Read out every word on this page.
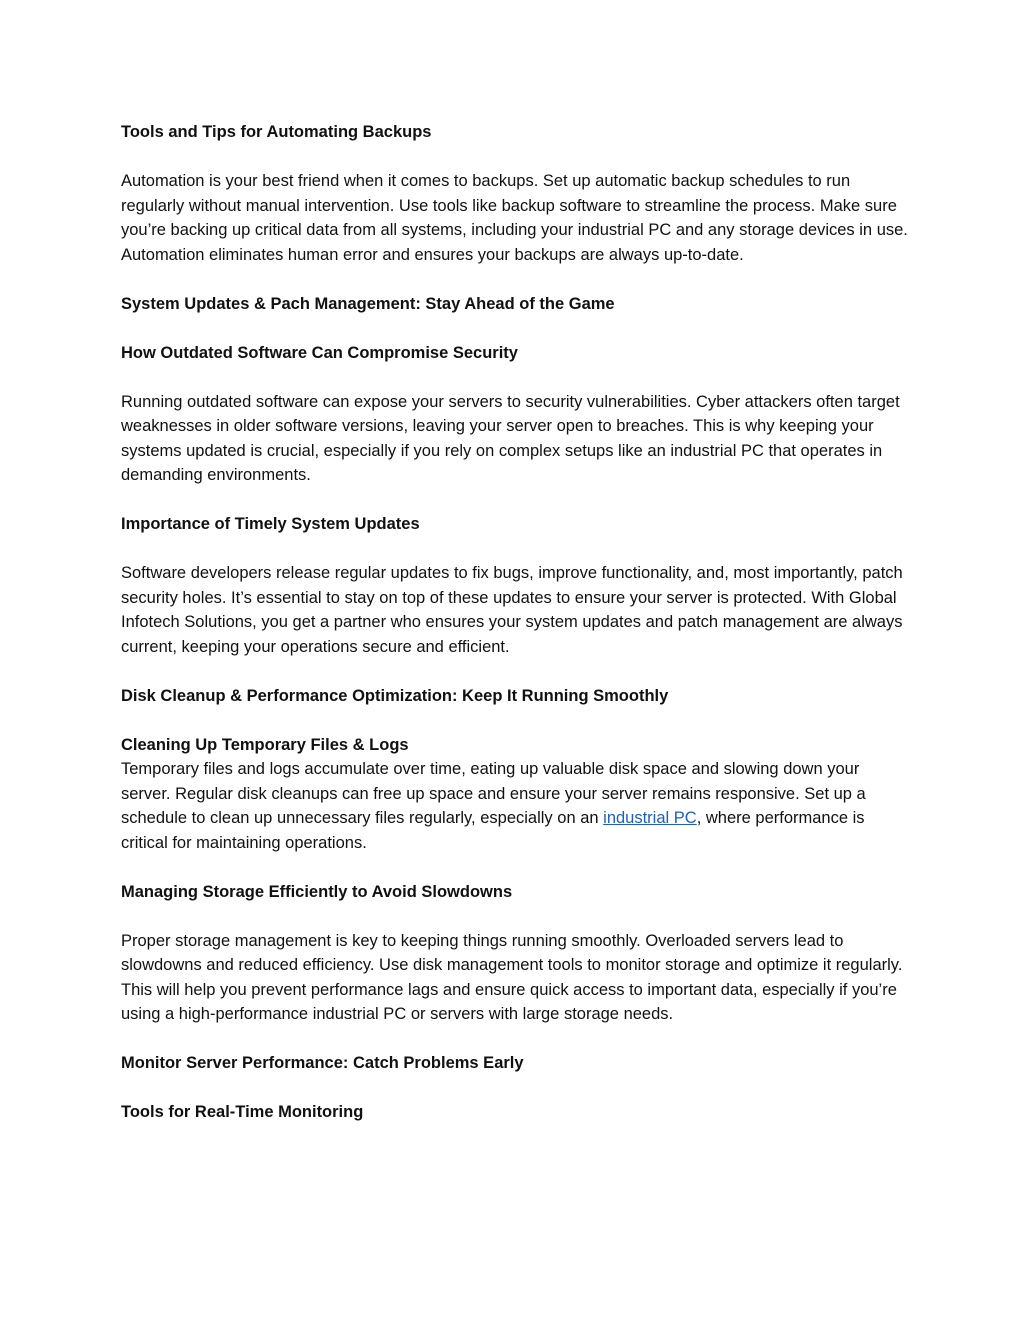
Tools and Tips for Automating Backups

Automation is your best friend when it comes to backups. Set up automatic backup schedules to run regularly without manual intervention. Use tools like backup software to streamline the process. Make sure you’re backing up critical data from all systems, including your industrial PC and any storage devices in use. Automation eliminates human error and ensures your backups are always up-to-date.

System Updates & Pach Management: Stay Ahead of the Game

How Outdated Software Can Compromise Security

Running outdated software can expose your servers to security vulnerabilities. Cyber attackers often target weaknesses in older software versions, leaving your server open to breaches. This is why keeping your systems updated is crucial, especially if you rely on complex setups like an industrial PC that operates in demanding environments.

Importance of Timely System Updates

Software developers release regular updates to fix bugs, improve functionality, and, most importantly, patch security holes. It’s essential to stay on top of these updates to ensure your server is protected. With Global Infotech Solutions, you get a partner who ensures your system updates and patch management are always current, keeping your operations secure and efficient.

Disk Cleanup & Performance Optimization: Keep It Running Smoothly

Cleaning Up Temporary Files & Logs

Temporary files and logs accumulate over time, eating up valuable disk space and slowing down your server. Regular disk cleanups can free up space and ensure your server remains responsive. Set up a schedule to clean up unnecessary files regularly, especially on an industrial PC, where performance is critical for maintaining operations.

Managing Storage Efficiently to Avoid Slowdowns

Proper storage management is key to keeping things running smoothly. Overloaded servers lead to slowdowns and reduced efficiency. Use disk management tools to monitor storage and optimize it regularly. This will help you prevent performance lags and ensure quick access to important data, especially if you’re using a high-performance industrial PC or servers with large storage needs.

Monitor Server Performance: Catch Problems Early

Tools for Real-Time Monitoring
